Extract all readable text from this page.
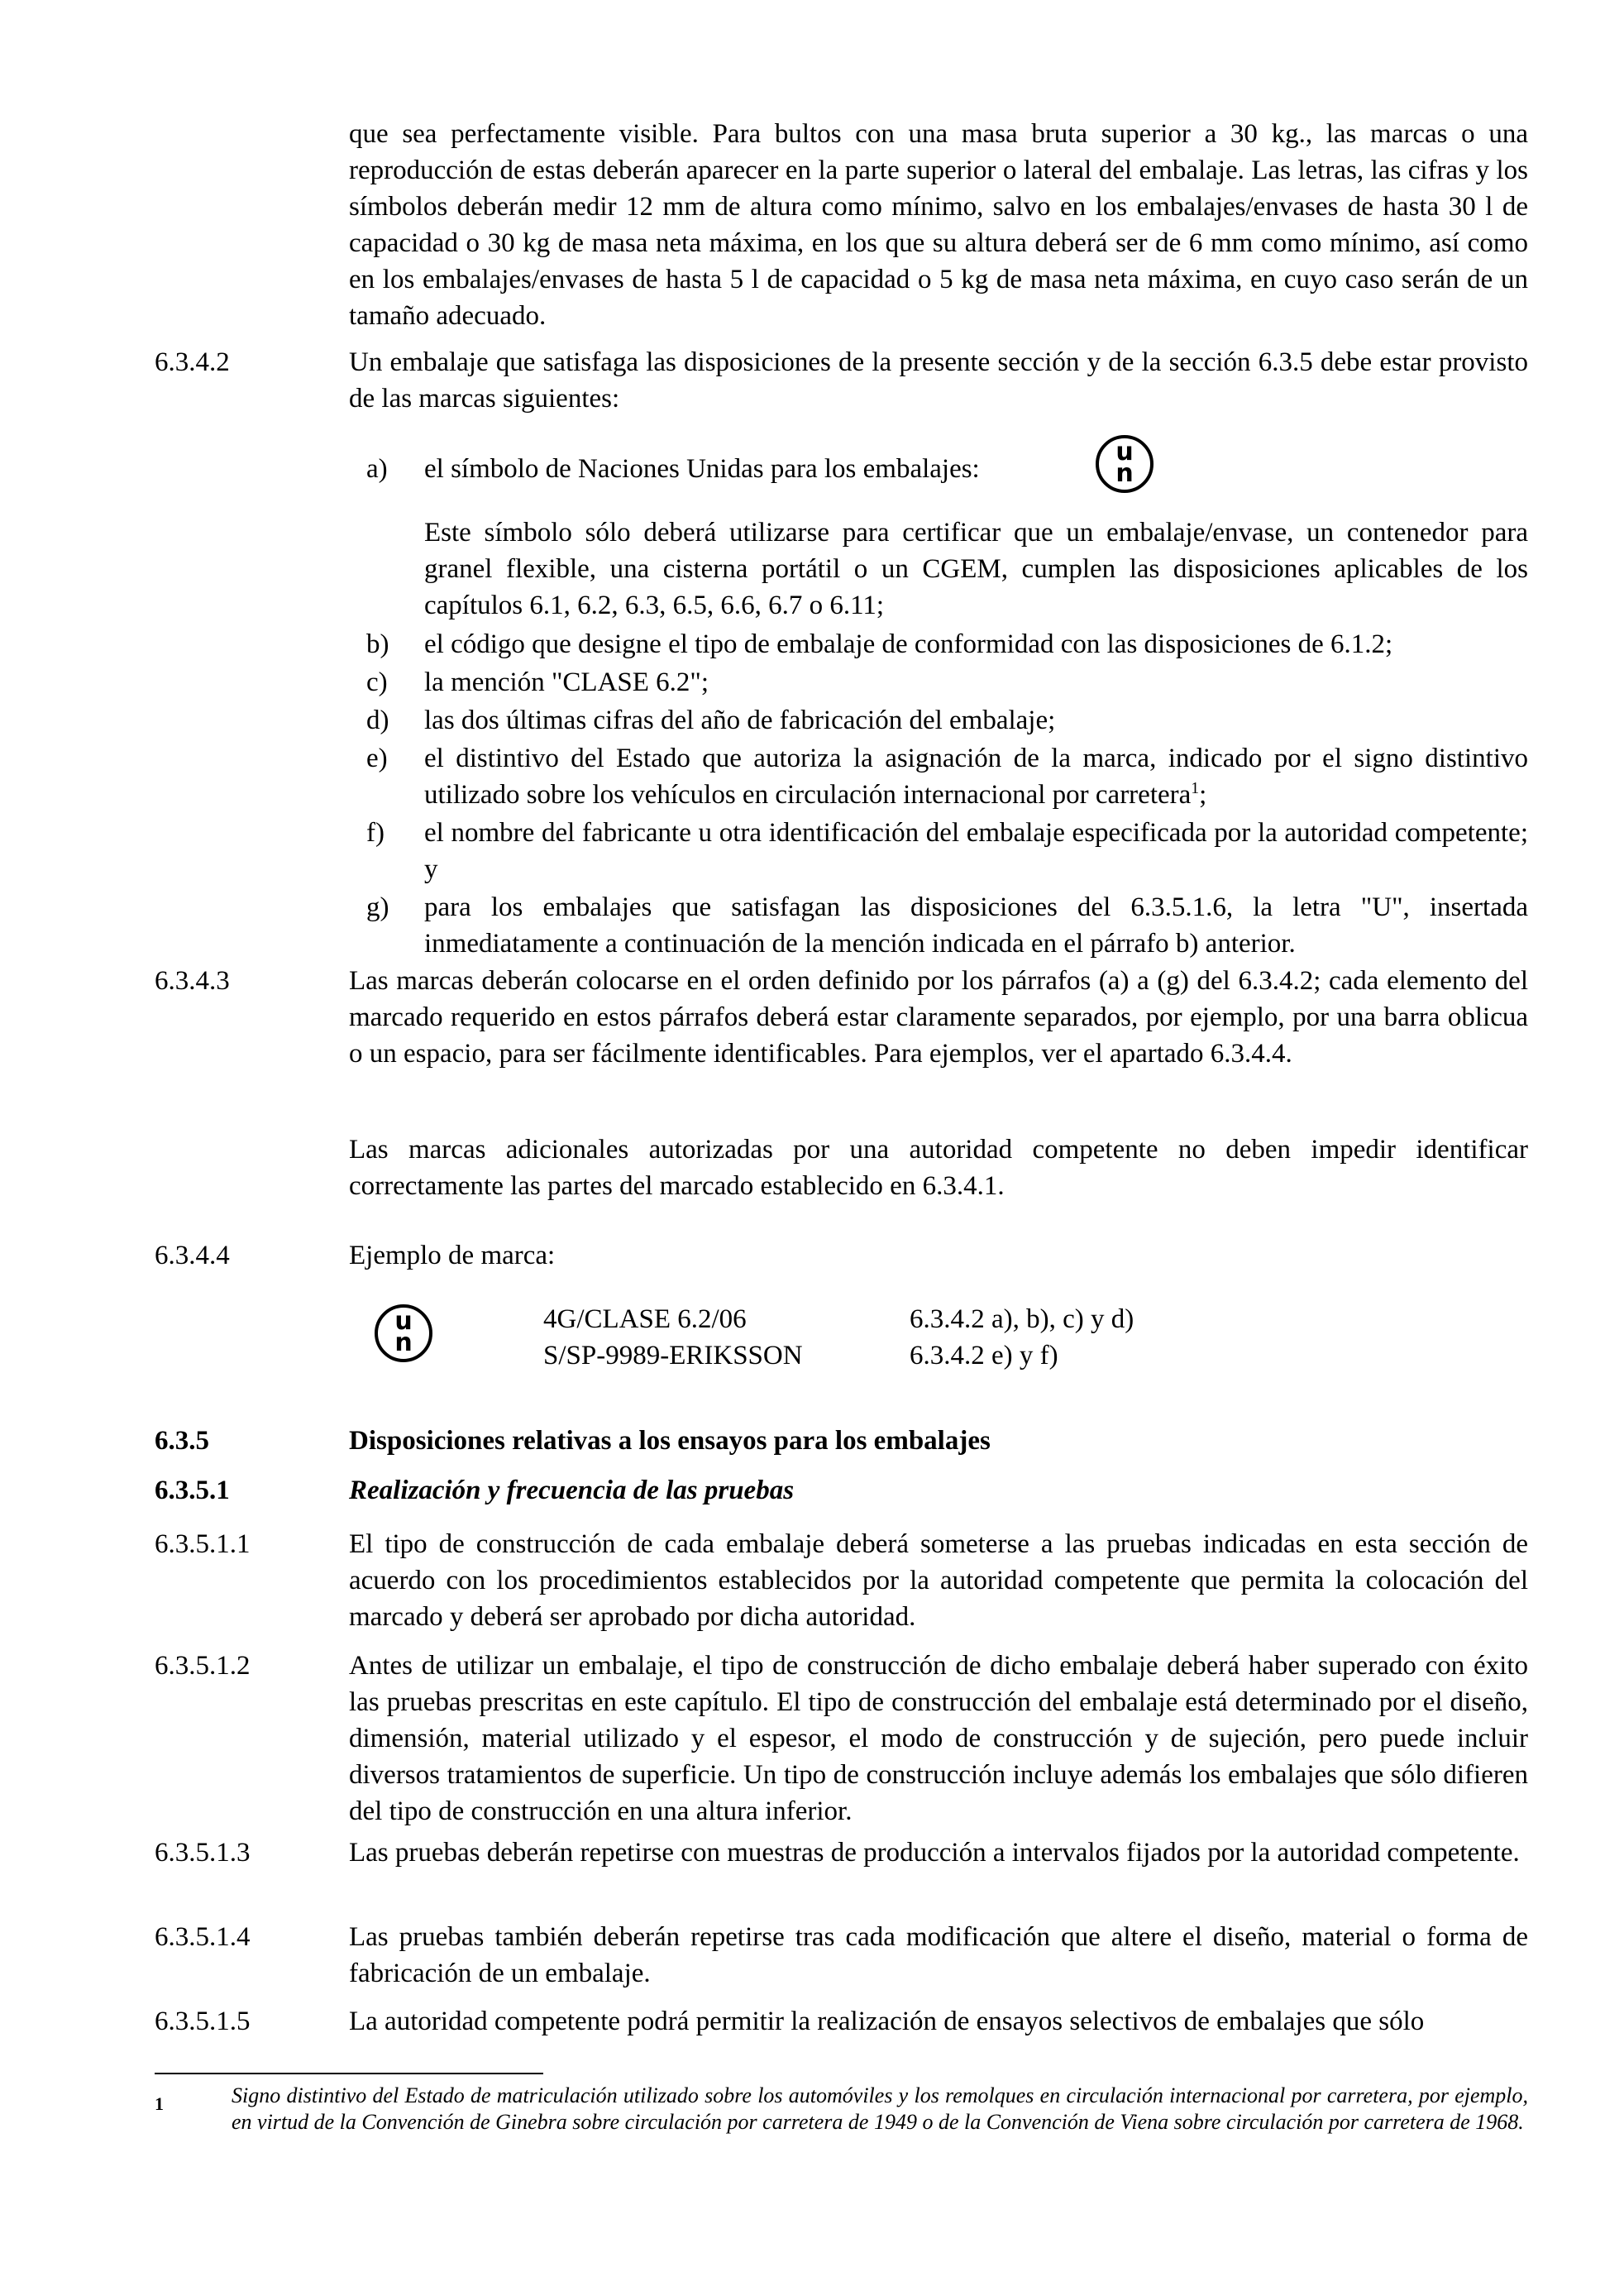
que sea perfectamente visible. Para bultos con una masa bruta superior a 30 kg., las marcas o una reproducción de estas deberán aparecer en la parte superior o lateral del embalaje. Las letras, las cifras y los símbolos deberán medir 12 mm de altura como mínimo, salvo en los embalajes/envases de hasta 30 l de capacidad o 30 kg de masa neta máxima, en los que su altura deberá ser de 6 mm como mínimo, así como en los embalajes/envases de hasta 5 l de capacidad o 5 kg de masa neta máxima, en cuyo caso serán de un tamaño adecuado.
6.3.4.2	Un embalaje que satisfaga las disposiciones de la presente sección y de la sección 6.3.5 debe estar provisto de las marcas siguientes:
a) el símbolo de Naciones Unidas para los embalajes:
u
n
Este símbolo sólo deberá utilizarse para certificar que un embalaje/envase, un contenedor para granel flexible, una cisterna portátil o un CGEM, cumplen las disposiciones aplicables de los capítulos 6.1, 6.2, 6.3, 6.5, 6.6, 6.7 o 6.11;
b) el código que designe el tipo de embalaje de conformidad con las disposiciones de 6.1.2;
c) la mención "CLASE 6.2";
d) las dos últimas cifras del año de fabricación del embalaje;
e) el distintivo del Estado que autoriza la asignación de la marca, indicado por el signo distintivo utilizado sobre los vehículos en circulación internacional por carretera$^1$;
f) el nombre del fabricante u otra identificación del embalaje especificada por la autoridad competente; y
g) para los embalajes que satisfagan las disposiciones del 6.3.5.1.6, la letra "U", insertada inmediatamente a continuación de la mención indicada en el párrafo b) anterior.
6.3.4.3	Las marcas deberán colocarse en el orden definido por los párrafos (a) a (g) del 6.3.4.2; cada elemento del marcado requerido en estos párrafos deberá estar claramente separados, por ejemplo, por una barra oblicua o un espacio, para ser fácilmente identificables. Para ejemplos, ver el apartado 6.3.4.4.
Las marcas adicionales autorizadas por una autoridad competente no deben impedir identificar correctamente las partes del marcado establecido en 6.3.4.1.
6.3.4.4	Ejemplo de marca:
u
n
4G/CLASE 6.2/06	6.3.4.2 a), b), c) y d)
S/SP-9989-ERIKSSON	6.3.4.2 e) y f)
6.3.5	Disposiciones relativas a los ensayos para los embalajes
6.3.5.1	Realización y frecuencia de las pruebas
6.3.5.1.1	El tipo de construcción de cada embalaje deberá someterse a las pruebas indicadas en esta sección de acuerdo con los procedimientos establecidos por la autoridad competente que permita la colocación del marcado y deberá ser aprobado por dicha autoridad.
6.3.5.1.2	Antes de utilizar un embalaje, el tipo de construcción de dicho embalaje deberá haber superado con éxito las pruebas prescritas en este capítulo. El tipo de construcción del embalaje está determinado por el diseño, dimensión, material utilizado y el espesor, el modo de construcción y de sujeción, pero puede incluir diversos tratamientos de superficie. Un tipo de construcción incluye además los embalajes que sólo difieren del tipo de construcción en una altura inferior.
6.3.5.1.3	Las pruebas deberán repetirse con muestras de producción a intervalos fijados por la autoridad competente.
6.3.5.1.4	Las pruebas también deberán repetirse tras cada modificación que altere el diseño, material o forma de fabricación de un embalaje.
6.3.5.1.5	La autoridad competente podrá permitir la realización de ensayos selectivos de embalajes que sólo
1	Signo distintivo del Estado de matriculación utilizado sobre los automóviles y los remolques en circulación internacional por carretera, por ejemplo, en virtud de la Convención de Ginebra sobre circulación por carretera de 1949 o de la Convención de Viena sobre circulación por carretera de 1968.
